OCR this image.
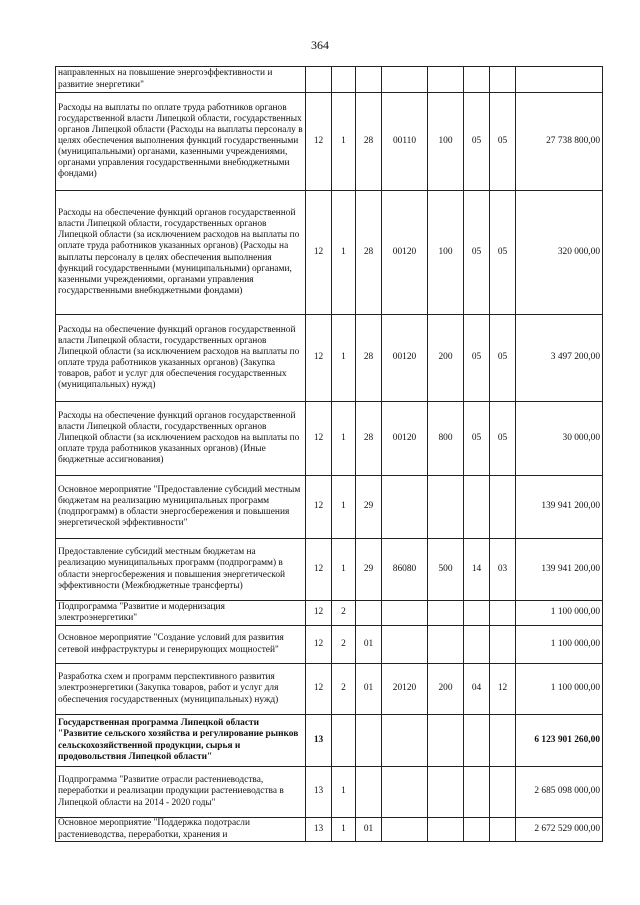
364
направленных на повышение энергоэффективности и развитие энергетики"								
Расходы на выплаты по оплате труда работников органов государственной власти Липецкой области, государственных органов Липецкой области (Расходы на выплаты персоналу в целях обеспечения выполнения функций государственными (муниципальными) органами, казенными учреждениями, органами управления государственными внебюджетными фондами)	12	1	28	00110	100	05	05	27 738 800,00
Расходы на обеспечение функций органов государственной власти Липецкой области, государственных органов Липецкой области (за исключением расходов на выплаты по оплате труда работников указанных органов) (Расходы на выплаты персоналу в целях обеспечения выполнения функций государственными (муниципальными) органами, казенными учреждениями, органами управления государственными внебюджетными фондами)	12	1	28	00120	100	05	05	320 000,00
Расходы на обеспечение функций органов государственной власти Липецкой области, государственных органов Липецкой области (за исключением расходов на выплаты по оплате труда работников указанных органов) (Закупка товаров, работ и услуг для обеспечения государственных (муниципальных) нужд)	12	1	28	00120	200	05	05	3 497 200,00
Расходы на обеспечение функций органов государственной власти Липецкой области, государственных органов Липецкой области (за исключением расходов на выплаты по оплате труда работников указанных органов) (Иные бюджетные ассигнования)	12	1	28	00120	800	05	05	30 000,00
Основное мероприятие "Предоставление субсидий местным бюджетам на реализацию муниципальных программ (подпрограмм) в области энергосбережения и повышения энергетической эффективности"	12	1	29					139 941 200,00
Предоставление субсидий местным бюджетам на реализацию муниципальных программ (подпрограмм) в области энергосбережения и повышения энергетической эффективности (Межбюджетные трансферты)	12	1	29	86080	500	14	03	139 941 200,00
Подпрограмма "Развитие и модернизация электроэнергетики"	12	2						1 100 000,00
Основное мероприятие "Создание условий для развития сетевой инфраструктуры и генерирующих мощностей"	12	2	01					1 100 000,00
Разработка схем и программ перспективного развития электроэнергетики (Закупка товаров, работ и услуг для обеспечения государственных (муниципальных) нужд)	12	2	01	20120	200	04	12	1 100 000,00
Государственная программа Липецкой области "Развитие сельского хозяйства и регулирование рынков сельскохозяйственной продукции, сырья и продовольствия Липецкой области"	13							6 123 901 260,00
Подпрограмма "Развитие отрасли растениеводства, переработки и реализации продукции растениеводства в Липецкой области на 2014 - 2020 годы"	13	1						2 685 098 000,00
Основное мероприятие "Поддержка подотрасли растениеводства, переработки, хранения и	13	1	01					2 672 529 000,00
